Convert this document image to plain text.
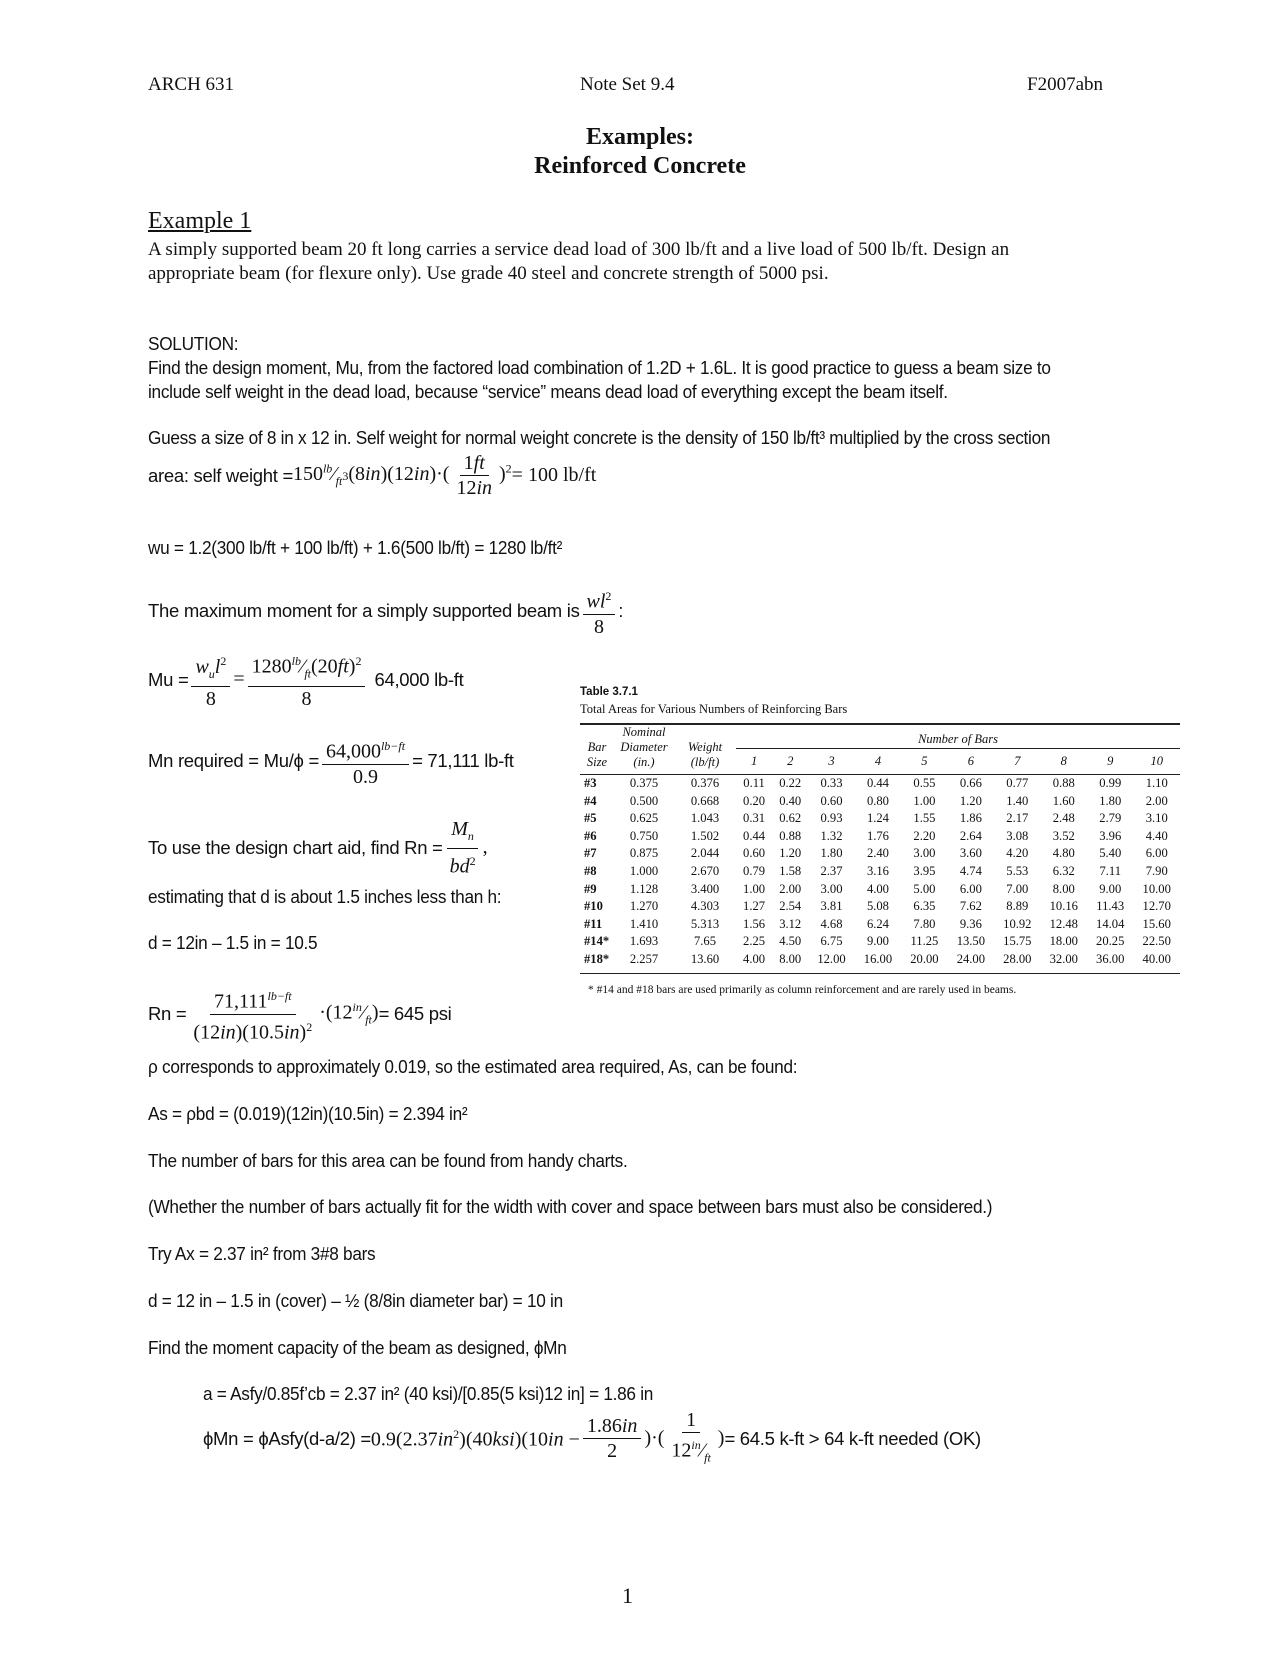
ARCH 631	Note Set 9.4	F2007abn
Examples:
Reinforced Concrete
Example 1
A simply supported beam 20 ft long carries a service dead load of 300 lb/ft and a live load of 500 lb/ft. Design an
appropriate beam (for flexure only). Use grade 40 steel and concrete strength of 5000 psi.
SOLUTION:
Find the design moment, Mu, from the factored load combination of 1.2D + 1.6L. It is good practice to guess a beam size to
include self weight in the dead load, because “service” means dead load of everything except the beam itself.
Guess a size of 8 in x 12 in. Self weight for normal weight concrete is the density of 150 lb/ft³ multiplied by the cross section
area: self weight = $150^{lb}⁄_{ft^3}(8in)(12in)\cdot( \frac{1ft}{12in} )^2 = 100$ lb/ft
wu = 1.2(300 lb/ft + 100 lb/ft) + 1.6(500 lb/ft) = 1280 lb/ft²
The maximum moment for a simply supported beam is $\frac{wl^2}{8}$ :
$Mu = \frac{w_ul^2}{8} = \frac{1280^{lb}⁄_{ft}(20ft)^2}{8} 64,000$ lb-ft
Mn required = $Mu/\phi = \frac{64,000^{lb-ft}}{0.9} = 71,111$ lb-ft
To use the design chart aid, find $Rn = \frac{M_n}{bd^2}$ ,
estimating that d is about 1.5 inches less than h:
d = 12in – 1.5 in = 10.5
$Rn = \frac{71,111^{lb-ft}}{(12in)(10.5in)^2}$ $\cdot(12^{in}⁄_{ft}) = 645$ psi
Table 3.7.1
Total Areas for Various Numbers of Reinforcing Bars
Bar Size	Nominal Diameter (in.)	Weight (lb/ft)	Number of Bars									
			1	2	3	4	5	6	7	8	9	10

#3	0.375	0.376	0.11	0.22	0.33	0.44	0.55	0.66	0.77	0.88	0.99	1.10
#4	0.500	0.668	0.20	0.40	0.60	0.80	1.00	1.20	1.40	1.60	1.80	2.00
#5	0.625	1.043	0.31	0.62	0.93	1.24	1.55	1.86	2.17	2.48	2.79	3.10
#6	0.750	1.502	0.44	0.88	1.32	1.76	2.20	2.64	3.08	3.52	3.96	4.40
#7	0.875	2.044	0.60	1.20	1.80	2.40	3.00	3.60	4.20	4.80	5.40	6.00
#8	1.000	2.670	0.79	1.58	2.37	3.16	3.95	4.74	5.53	6.32	7.11	7.90
#9	1.128	3.400	1.00	2.00	3.00	4.00	5.00	6.00	7.00	8.00	9.00	10.00
#10	1.270	4.303	1.27	2.54	3.81	5.08	6.35	7.62	8.89	10.16	11.43	12.70
#11	1.410	5.313	1.56	3.12	4.68	6.24	7.80	9.36	10.92	12.48	14.04	15.60
#14*	1.693	7.65	2.25	4.50	6.75	9.00	11.25	13.50	15.75	18.00	20.25	22.50
#18*	2.257	13.60	4.00	8.00	12.00	16.00	20.00	24.00	28.00	32.00	36.00	40.00

* #14 and #18 bars are used primarily as column reinforcement and are rarely used in beams.
ρ corresponds to approximately 0.019, so the estimated area required, As, can be found:
As = ρbd = (0.019)(12in)(10.5in) = 2.394 in²
The number of bars for this area can be found from handy charts.
(Whether the number of bars actually fit for the width with cover and space between bars must also be considered.)
Try Ax = 2.37 in² from 3#8 bars
d = 12 in – 1.5 in (cover) – ½ (8/8in diameter bar) = 10 in
Find the moment capacity of the beam as designed, ϕMn
a = Asfy/0.85f’cb = 2.37 in² (40 ksi)/[0.85(5 ksi)12 in] = 1.86 in
ϕMn = ϕAsfy(d-a/2) = $0.9(2.37in^2)(40ksi)(10in - \frac{1.86in}{2}$ )·( $\frac{1}{12^{in}⁄_{ft}}$ ) = 64.5 k-ft > 64 k-ft needed (OK)
1
